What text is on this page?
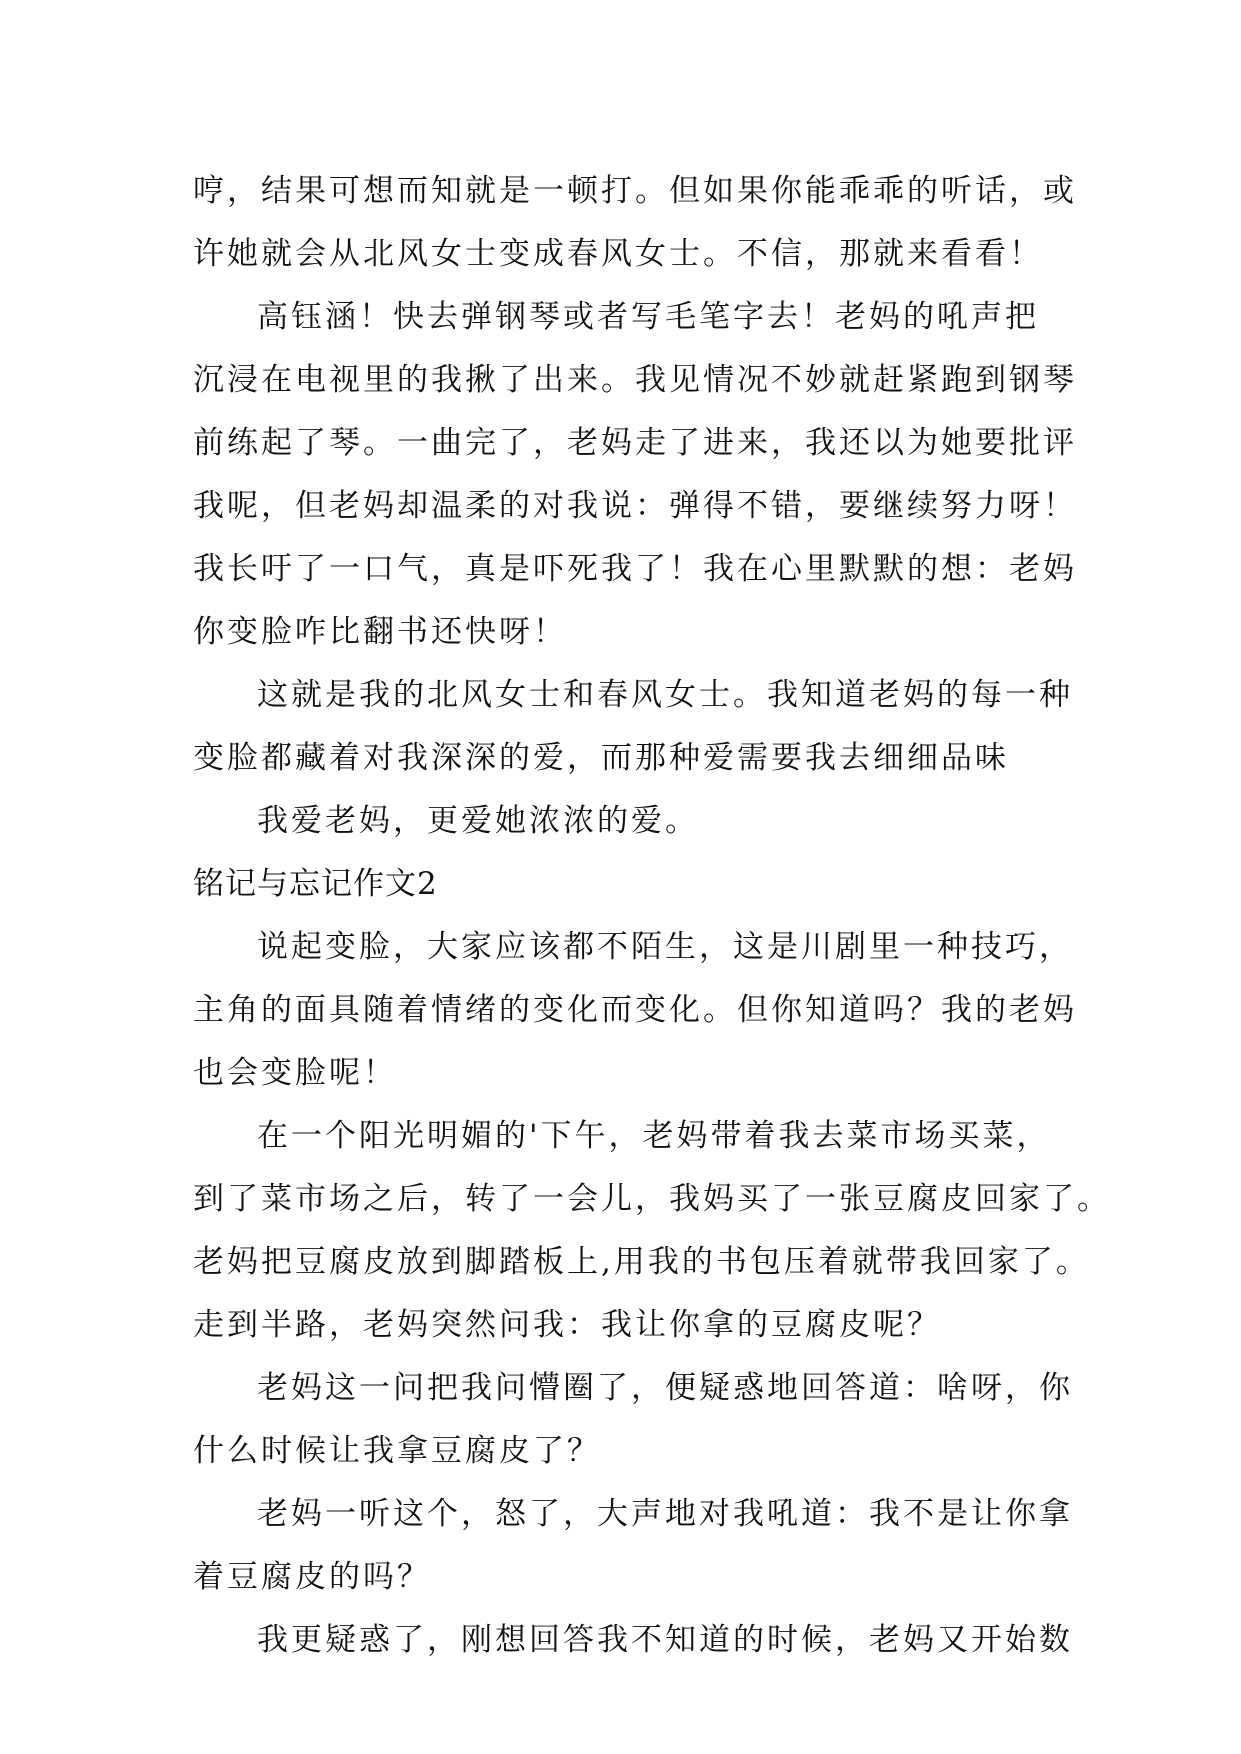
哼，结果可想而知就是一顿打。但如果你能乖乖的听话，或
许她就会从北风女士变成春风女士。不信，那就来看看！
高钰涵！快去弹钢琴或者写毛笔字去！老妈的吼声把
沉浸在电视里的我揪了出来。我见情况不妙就赶紧跑到钢琴
前练起了琴。一曲完了，老妈走了进来，我还以为她要批评
我呢，但老妈却温柔的对我说：弹得不错，要继续努力呀！
我长吁了一口气，真是吓死我了！我在心里默默的想：老妈
你变脸咋比翻书还快呀！
这就是我的北风女士和春风女士。我知道老妈的每一种
变脸都藏着对我深深的爱，而那种爱需要我去细细品味
我爱老妈，更爱她浓浓的爱。
铭记与忘记作文2
说起变脸，大家应该都不陌生，这是川剧里一种技巧，
主角的面具随着情绪的变化而变化。但你知道吗？我的老妈
也会变脸呢！
在一个阳光明媚的'下午，老妈带着我去菜市场买菜，
到了菜市场之后，转了一会儿，我妈买了一张豆腐皮回家了。
老妈把豆腐皮放到脚踏板上,用我的书包压着就带我回家了。
走到半路，老妈突然问我：我让你拿的豆腐皮呢？
老妈这一问把我问懵圈了，便疑惑地回答道：啥呀，你
什么时候让我拿豆腐皮了？
老妈一听这个，怒了，大声地对我吼道：我不是让你拿
着豆腐皮的吗？
我更疑惑了，刚想回答我不知道的时候，老妈又开始数
